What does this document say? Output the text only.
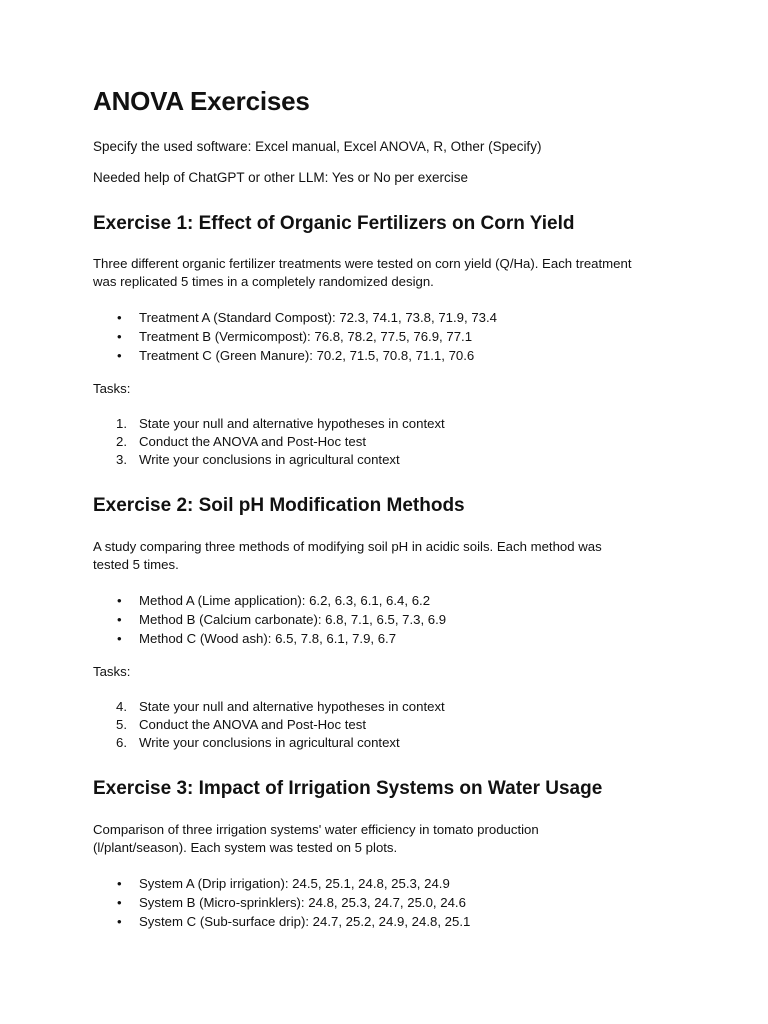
ANOVA Exercises

Specify the used software: Excel manual, Excel ANOVA, R, Other (Specify)

Needed help of ChatGPT or other LLM: Yes or No per exercise

Exercise 1: Effect of Organic Fertilizers on Corn Yield

Three different organic fertilizer treatments were tested on corn yield (Q/Ha). Each treatment
was replicated 5 times in a completely randomized design.

• Treatment A (Standard Compost): 72.3, 74.1, 73.8, 71.9, 73.4
• Treatment B (Vermicompost): 76.8, 78.2, 77.5, 76.9, 77.1
• Treatment C (Green Manure): 70.2, 71.5, 70.8, 71.1, 70.6

Tasks:

1. State your null and alternative hypotheses in context
2. Conduct the ANOVA and Post-Hoc test
3. Write your conclusions in agricultural context
Exercise 2: Soil pH Modification Methods

A study comparing three methods of modifying soil pH in acidic soils. Each method was
tested 5 times.

• Method A (Lime application): 6.2, 6.3, 6.1, 6.4, 6.2
• Method B (Calcium carbonate): 6.8, 7.1, 6.5, 7.3, 6.9
• Method C (Wood ash): 6.5, 7.8, 6.1, 7.9, 6.7

Tasks:

4. State your null and alternative hypotheses in context
5. Conduct the ANOVA and Post-Hoc test
6. Write your conclusions in agricultural context
Exercise 3: Impact of Irrigation Systems on Water Usage

Comparison of three irrigation systems' water efficiency in tomato production
(l/plant/season). Each system was tested on 5 plots.

• System A (Drip irrigation): 24.5, 25.1, 24.8, 25.3, 24.9
• System B (Micro-sprinklers): 24.8, 25.3, 24.7, 25.0, 24.6
• System C (Sub-surface drip): 24.7, 25.2, 24.9, 24.8, 25.1
